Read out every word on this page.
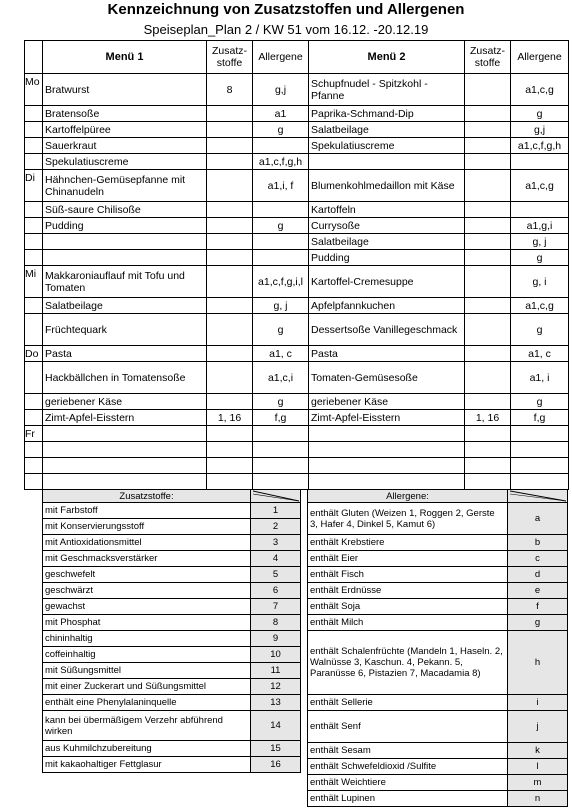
Kennzeichnung von Zusatzstoffen und Allergenen
Speiseplan_Plan 2 / KW 51 vom 16.12. -20.12.19
	Menü 1	Zusatz-stoffe	Allergene	Menü 2	Zusatz-stoffe	Allergene
Mo	Bratwurst	8	g,j	Schupfnudel - Spitzkohl - Pfanne		a1,c,g
	Bratensoße		a1	Paprika-Schmand-Dip		g
	Kartoffelpüree		g	Salatbeilage		g,j
	Sauerkraut			Spekulatiuscreme		a1,c,f,g,h
	Spekulatiuscreme		a1,c,f,g,h			
Di	Hähnchen-Gemüsepfanne mit Chinanudeln		a1,i, f	Blumenkohlmedaillon mit Käse		a1,c,g
	Süß-saure Chilisoße			Kartoffeln		
	Pudding		g	Currysoße		a1,g,i
				Salatbeilage		g, j
				Pudding		g
Mi	Makkaroniauflauf mit Tofu und Tomaten		a1,c,f,g,i,l	Kartoffel-Cremesuppe		g, i
	Salatbeilage		g, j	Apfelpfannkuchen		a1,c,g
	Früchtequark		g	Dessertsoße Vanillegeschmack		g
Do	Pasta		a1, c	Pasta		a1, c
	Hackbällchen in Tomatensoße		a1,c,i	Tomaten-Gemüsesoße		a1, i
	geriebener Käse		g	geriebener Käse		g
	Zimt-Apfel-Eisstern	1, 16	f,g	Zimt-Apfel-Eisstern	1, 16	f,g
Fr						

Zusatzstoffe:	

mit Farbstoff	1
mit Konservierungsstoff	2
mit Antioxidationsmittel	3
mit Geschmacksverstärker	4
geschwefelt	5
geschwärzt	6
gewachst	7
mit Phosphat	8
chininhaltig	9
coffeinhaltig	10
mit Süßungsmittel	11
mit einer Zuckerart und Süßungsmittel	12
enthält eine Phenylalaninquelle	13
kann bei übermäßigem Verzehr abführend wirken	14
aus Kuhmilchzubereitung	15
mit kakaohaltiger Fettglasur	16
Allergene:	

enthält Gluten (Weizen 1, Roggen 2, Gerste 3, Hafer 4, Dinkel 5, Kamut 6)	a
enthält Krebstiere	b
enthält Eier	c
enthält Fisch	d
enthält Erdnüsse	e
enthält Soja	f
enthält Milch	g
enthält Schalenfrüchte (Mandeln 1, Haseln. 2, Walnüsse 3, Kaschun. 4, Pekann. 5, Paranüsse 6, Pistazien 7, Macadamia 8)	h
enthält Sellerie	i
enthält Senf	j
enthält Sesam	k
enthält Schwefeldioxid /Sulfite	l
enthält Weichtiere	m
enthält Lupinen	n
